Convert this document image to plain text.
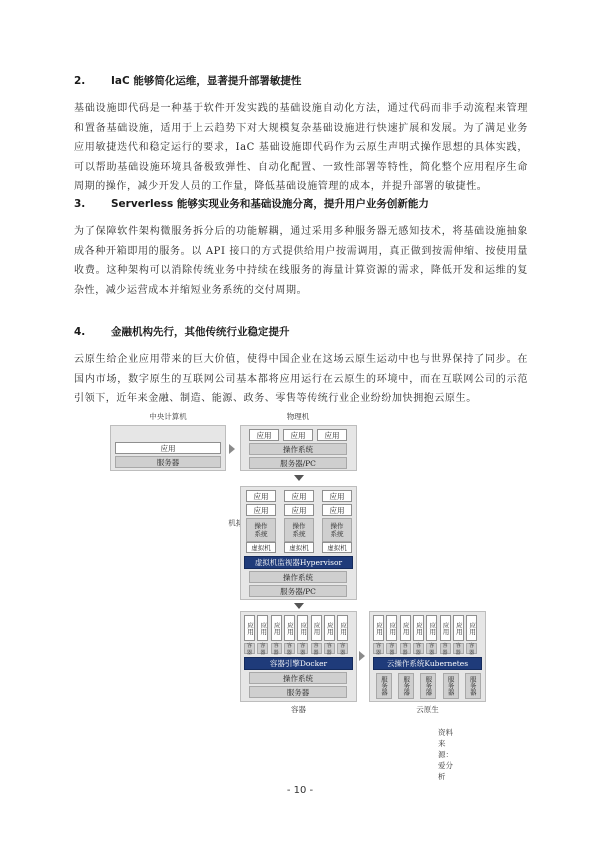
2. IaC 能够简化运维，显著提升部署敏捷性
基础设施即代码是一种基于软件开发实践的基础设施自动化方法，通过代码而非手动流程来管理和置备基础设施，适用于上云趋势下对大规模复杂基础设施进行快速扩展和发展。为了满足业务应用敏捷迭代和稳定运行的要求，IaC 基础设施即代码作为云原生声明式操作思想的具体实践，可以帮助基础设施环境具备极致弹性、自动化配置、一致性部署等特性，简化整个应用程序生命周期的操作，减少开发人员的工作量，降低基础设施管理的成本，并提升部署的敏捷性。
3. Serverless 能够实现业务和基础设施分离，提升用户业务创新能力
为了保障软件架构微服务拆分后的功能解耦，通过采用多种服务器无感知技术，将基础设施抽象成各种开箱即用的服务。以 API 接口的方式提供给用户按需调用，真正做到按需伸缩、按使用量收费。这种架构可以消除传统业务中持续在线服务的海量计算资源的需求，降低开发和运维的复杂性，减少运营成本并缩短业务系统的交付周期。
4. 金融机构先行，其他传统行业稳定提升
云原生给企业应用带来的巨大价值，使得中国企业在这场云原生运动中也与世界保持了同步。在国内市场，数字原生的互联网公司基本都将应用运行在云原生的环境中，而在互联网公司的示范引领下，近年来金融、制造、能源、政务、零售等传统行业企业纷纷加快拥抱云原生。
中央计算机
应用
服务器
物理机
应用	应用	应用
操作系统
服务器/PC
机
应用	应用	应用
应用	应用	应用
操作系统
操作系统
操作系统
虚拟机	虚拟机	虚拟机
虚拟机监视器Hypervisor
操作系统
服务器/PC
应用
容器
应用
容器
应用
容器
应用
容器
应用
容器
应用
容器
应用
容器
应用
容器
容器引擎Docker
操作系统
服务器
容器
应用
容器
应用
容器
应用
容器
应用
容器
应用
容器
应用
容器
应用
容器
应用
容器
云操作系统Kubernetes
服务器	服务器	服务器	服务器	服务器
云原生
资料来源：爱分析
- 10 -
